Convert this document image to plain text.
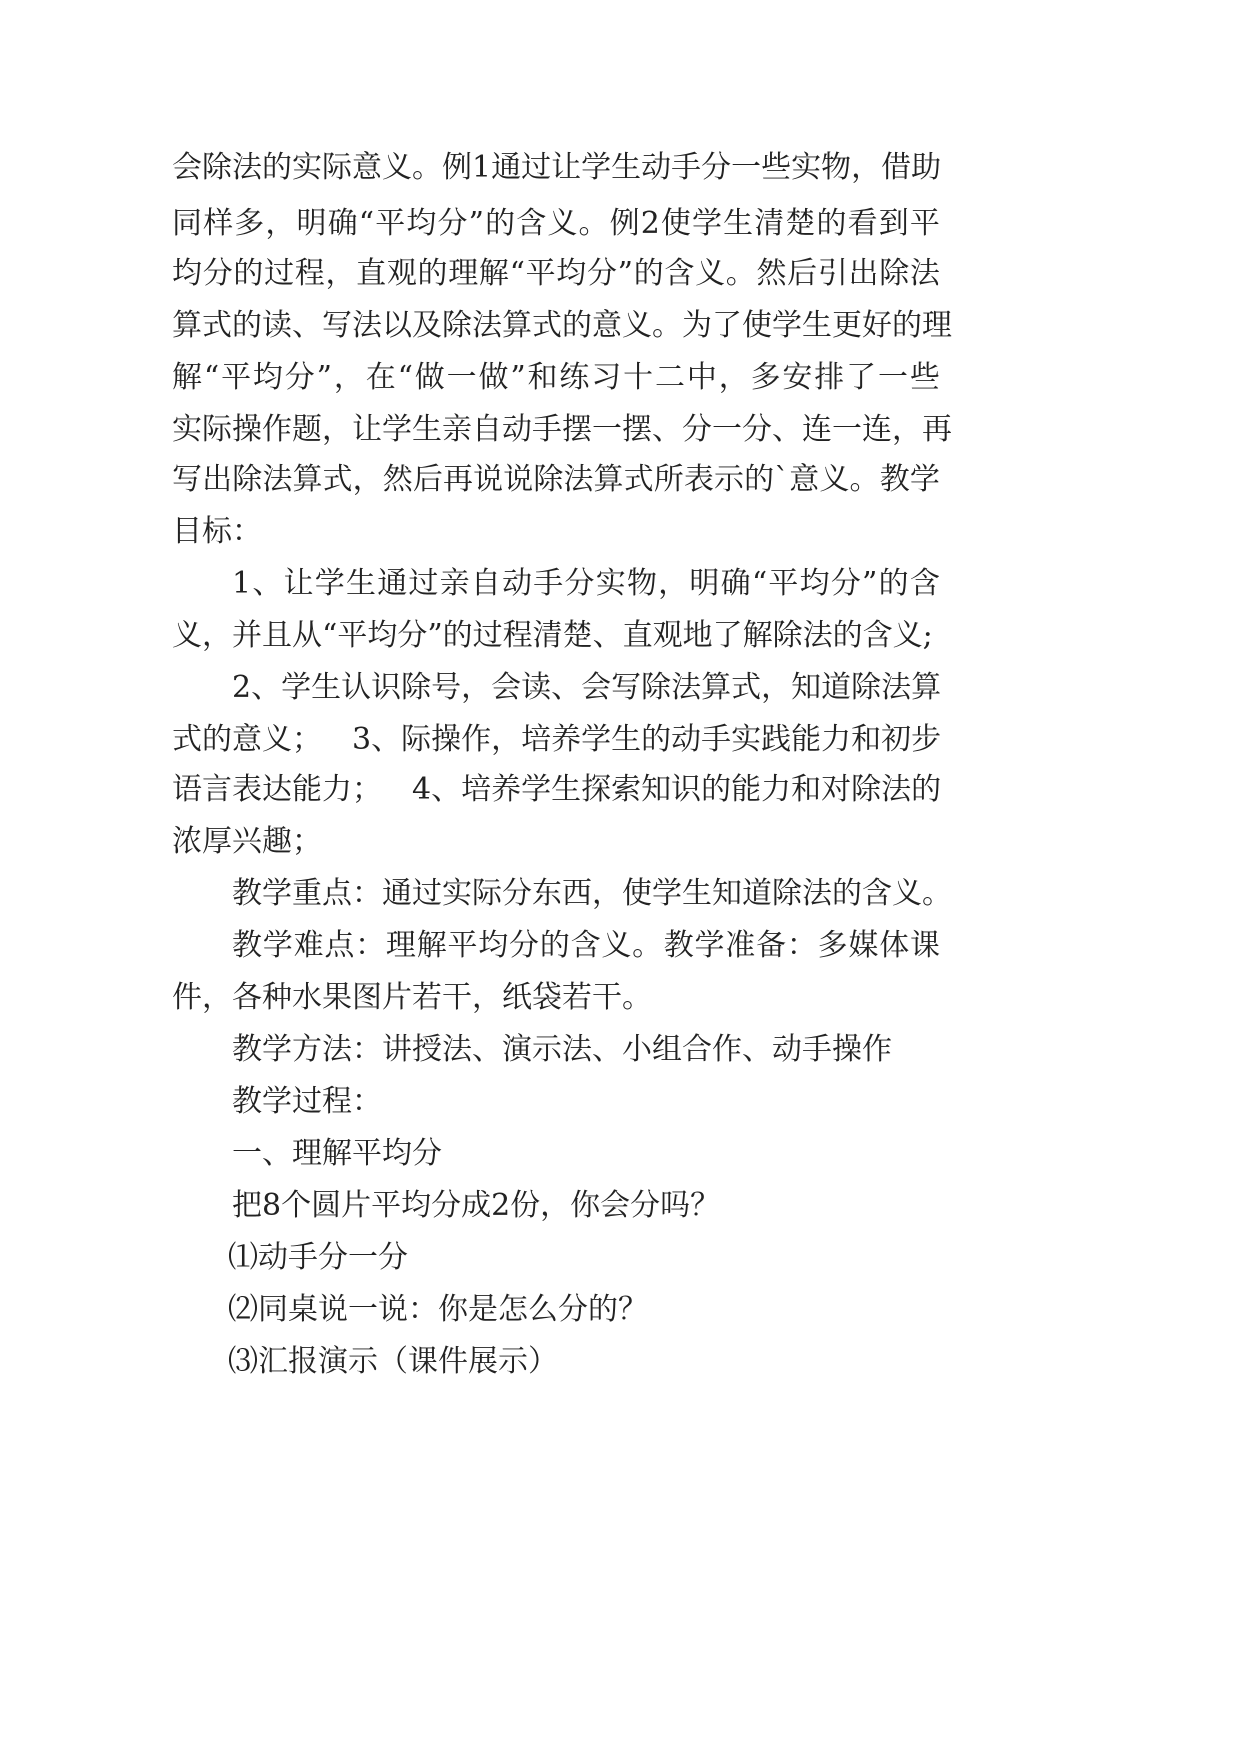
会 除 法 的 实 际 意 义 。 例 1 通 过 让 学 生 动 手 分 一 些 实 物 ， 借 助
同 样 多 ， 明 确 “ 平 均 分 ” 的 含 义 。 例 2 使 学 生 清 楚 的 看 到 平
均 分 的 过 程 ， 直 观 的 理 解 “ 平 均 分 ” 的 含 义 。 然 后 引 出 除 法
算 式 的 读 、 写 法 以 及 除 法 算 式 的 意 义 。 为 了 使 学 生 更 好 的 理
解 “ 平 均 分 ” ， 在 “ 做 一 做 ” 和 练 习 十 二 中 ， 多 安 排 了 一 些
实 际 操 作 题 ， 让 学 生 亲 自 动 手 摆 一 摆 、 分 一 分 、 连 一 连 ， 再
写 出 除 法 算 式 ， 然 后 再 说 说 除 法 算 式 所 表 示 的 ` 意 义 。 教 学
目标：
1 、 让 学 生 通 过 亲 自 动 手 分 实 物 ， 明 确 “ 平 均 分 ” 的 含
义，并且从“平均分”的过程清楚、直观地了解除法的含义;
2 、 学 生 认 识 除 号 ， 会 读 、 会 写 除 法 算 式 ， 知 道 除 法 算
式 的 意 义 ；
　 3 、 际 操 作 ， 培 养 学 生 的 动 手 实 践 能 力 和 初 步
语 言 表 达 能 力 ；
　 4 、 培 养 学 生 探 索 知 识 的 能 力 和 对 除 法 的
浓厚兴趣；
教学重点：通过实际分东西，使学生知道除法的含义。
教 学 难 点 ： 理 解 平 均 分 的 含 义 。 教 学 准 备 ： 多 媒 体 课
件，各种水果图片若干，纸袋若干。
教学方法：讲授法、演示法、小组合作、动手操作
教学过程：
一、理解平均分
把8个圆片平均分成2份，你会分吗？
⑴动手分一分
⑵同桌说一说：你是怎么分的？
⑶汇报演示（课件展示）
